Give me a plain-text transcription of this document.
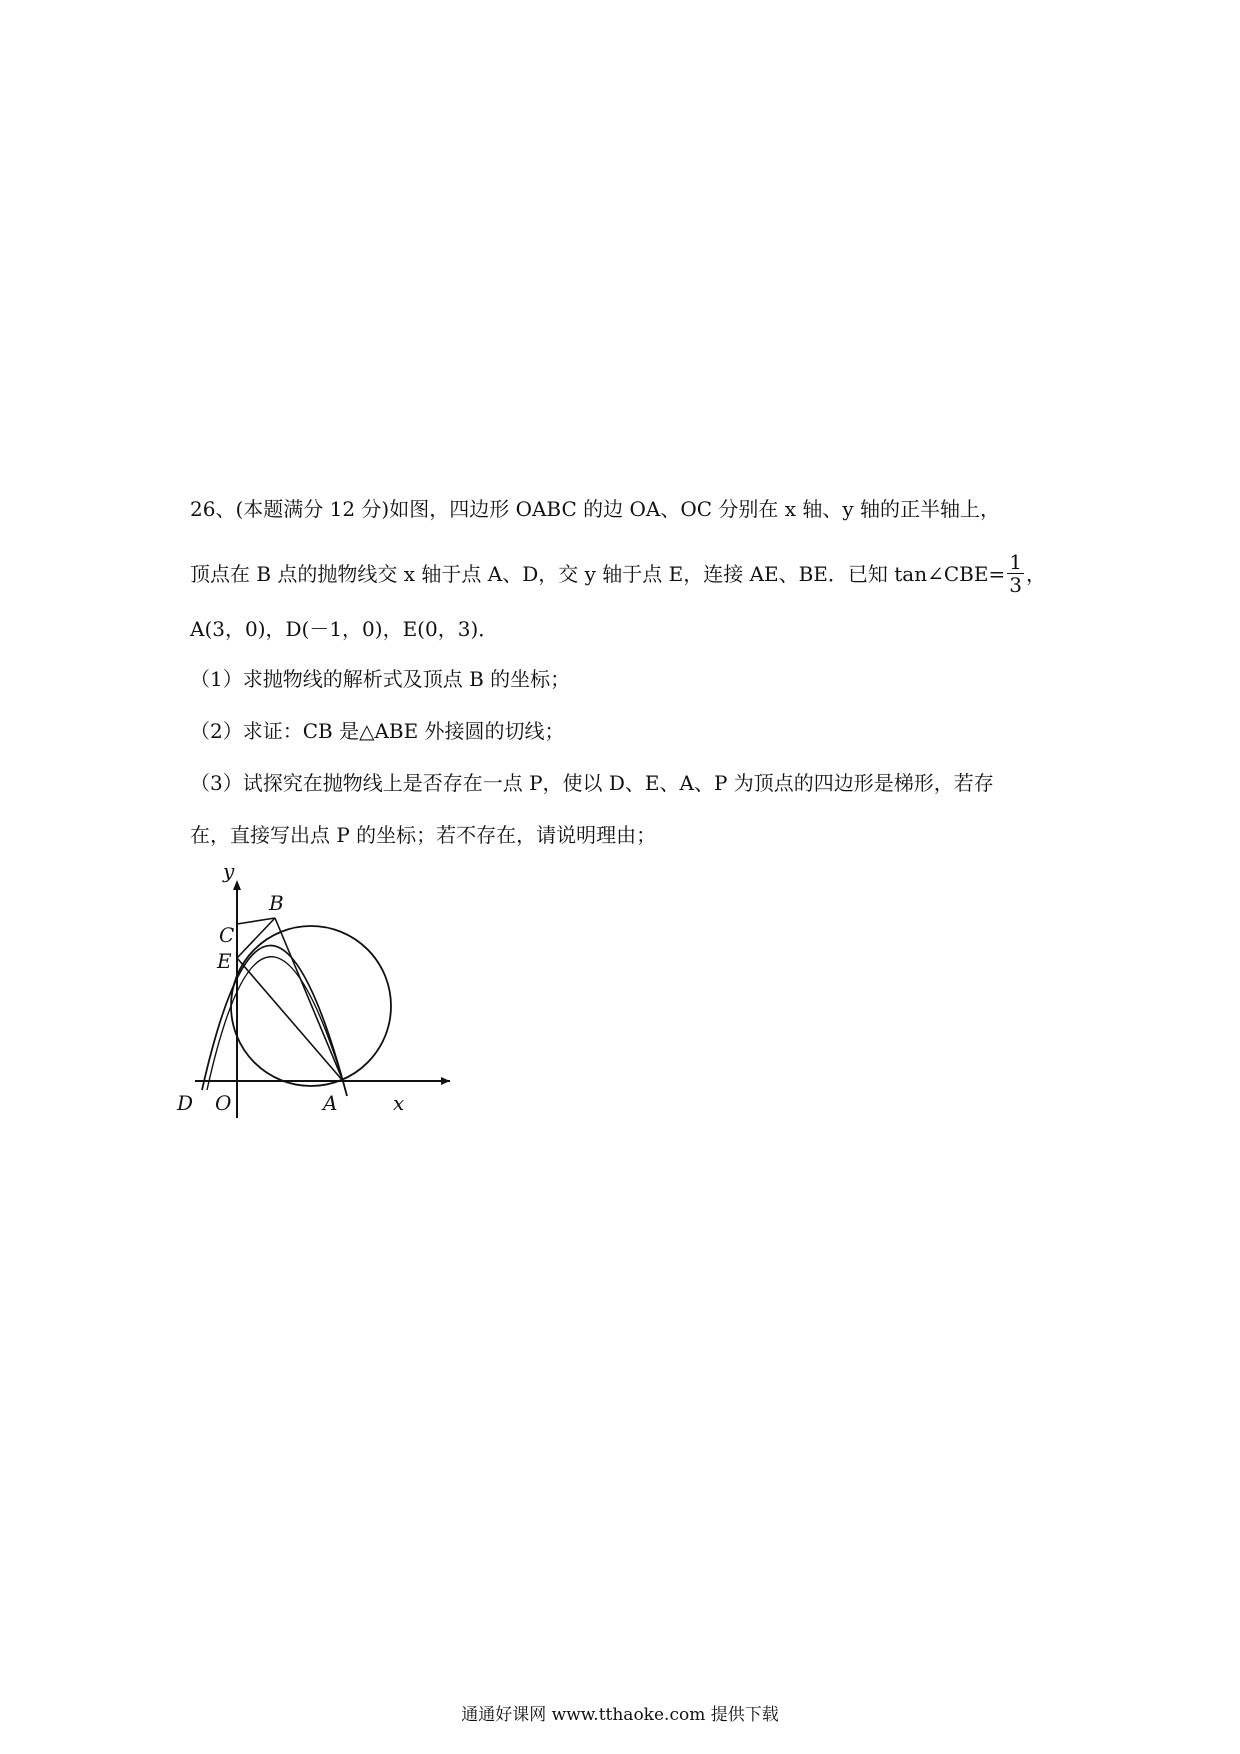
26、(本题满分 12 分)如图，四边形 OABC 的边 OA、OC 分别在 x 轴、y 轴的正半轴上，
顶点在 B 点的抛物线交 x 轴于点 A、D，交 y 轴于点 E，连接 AE、BE．已知 tan∠CBE= $\frac{1}{3}$ ，
A(3，0)，D(－1，0)，E(0，3)．
（1）求抛物线的解析式及顶点 B 的坐标；
（2）求证：CB 是△ABE 外接圆的切线；
（3）试探究在抛物线上是否存在一点 P，使以 D、E、A、P 为顶点的四边形是梯形，若存
在，直接写出点 P 的坐标；若不存在，请说明理由；
y
x
B
C
E
D O	A
通通好课网 www.tthaoke.com 提供下载
